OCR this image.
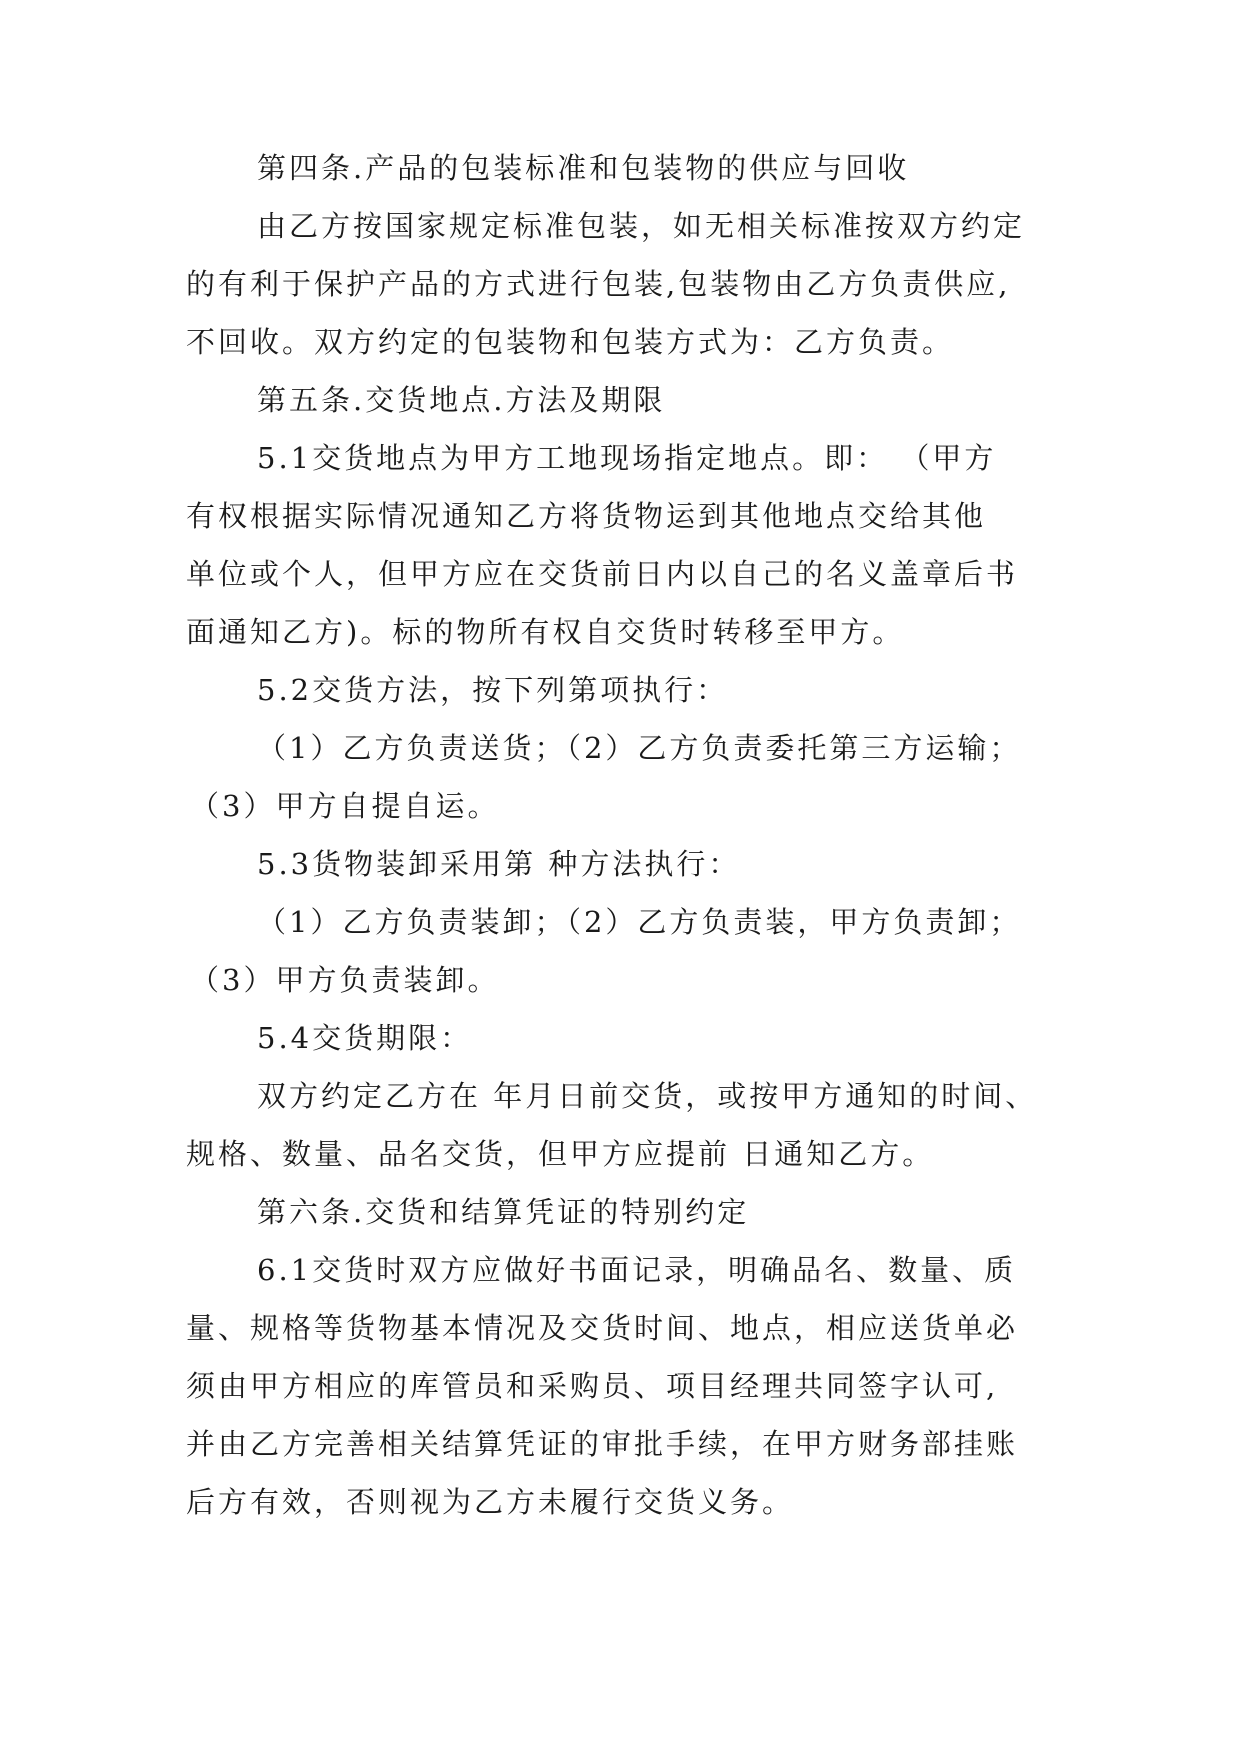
第四条.产品的包装标准和包装物的供应与回收
由乙方按国家规定标准包装，如无相关标准按双方约定
的有利于保护产品的方式进行包装,包装物由乙方负责供应,
不回收。双方约定的包装物和包装方式为：乙方负责。
第五条.交货地点.方法及期限
5.1交货地点为甲方工地现场指定地点。即： （甲方
有权根据实际情况通知乙方将货物运到其他地点交给其他
单位或个人，但甲方应在交货前日内以自己的名义盖章后书
面通知乙方)。标的物所有权自交货时转移至甲方。
5.2交货方法，按下列第项执行：
（1）乙方负责送货；（2）乙方负责委托第三方运输；
（3）甲方自提自运。
5.3货物装卸采用第 种方法执行：
（1）乙方负责装卸；（2）乙方负责装，甲方负责卸；
（3）甲方负责装卸。
5.4交货期限：
双方约定乙方在 年月日前交货，或按甲方通知的时间、
规格、数量、品名交货，但甲方应提前 日通知乙方。
第六条.交货和结算凭证的特别约定
6.1交货时双方应做好书面记录，明确品名、数量、质
量、规格等货物基本情况及交货时间、地点，相应送货单必
须由甲方相应的库管员和采购员、项目经理共同签字认可,
并由乙方完善相关结算凭证的审批手续，在甲方财务部挂账
后方有效，否则视为乙方未履行交货义务。
